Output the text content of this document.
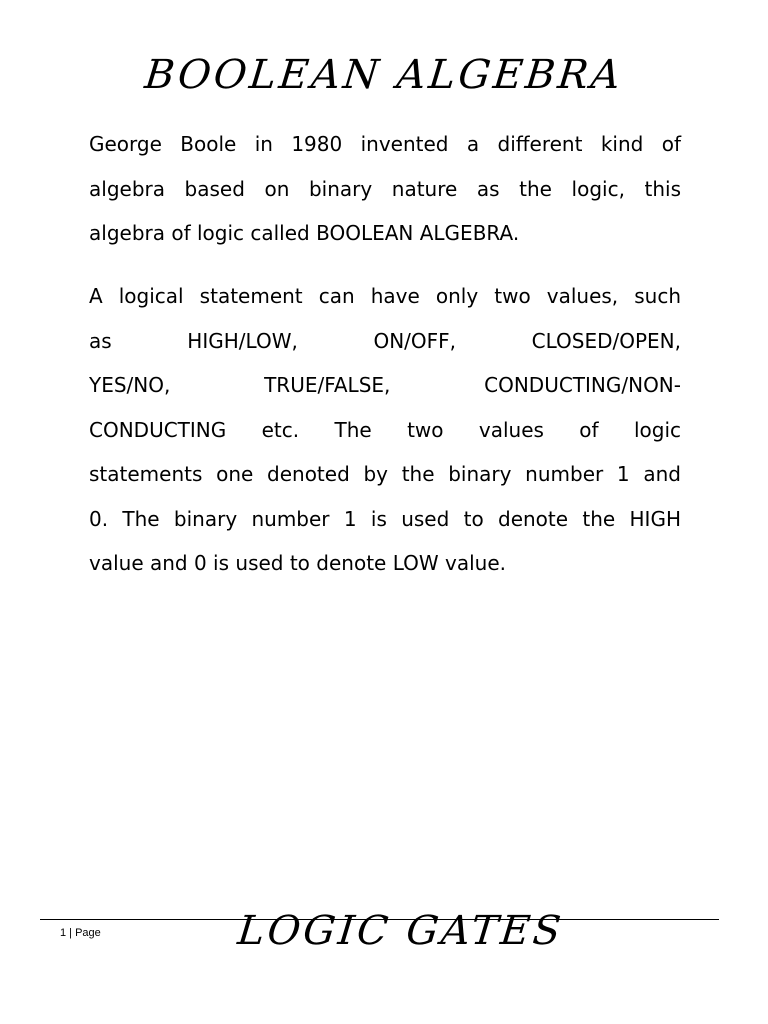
BOOLEAN ALGEBRA
George Boole in 1980 invented a different kind of
algebra based on binary nature as the logic, this
algebra of logic called BOOLEAN ALGEBRA.
A logical statement can have only two values, such
as HIGH/LOW, ON/OFF, CLOSED/OPEN,
YES/NO, TRUE/FALSE, CONDUCTING/NON-
CONDUCTING etc. The two values of logic
statements one denoted by the binary number 1 and
0. The binary number 1 is used to denote the HIGH
value and 0 is used to denote LOW value.
1 | Page	LOGIC GATES
